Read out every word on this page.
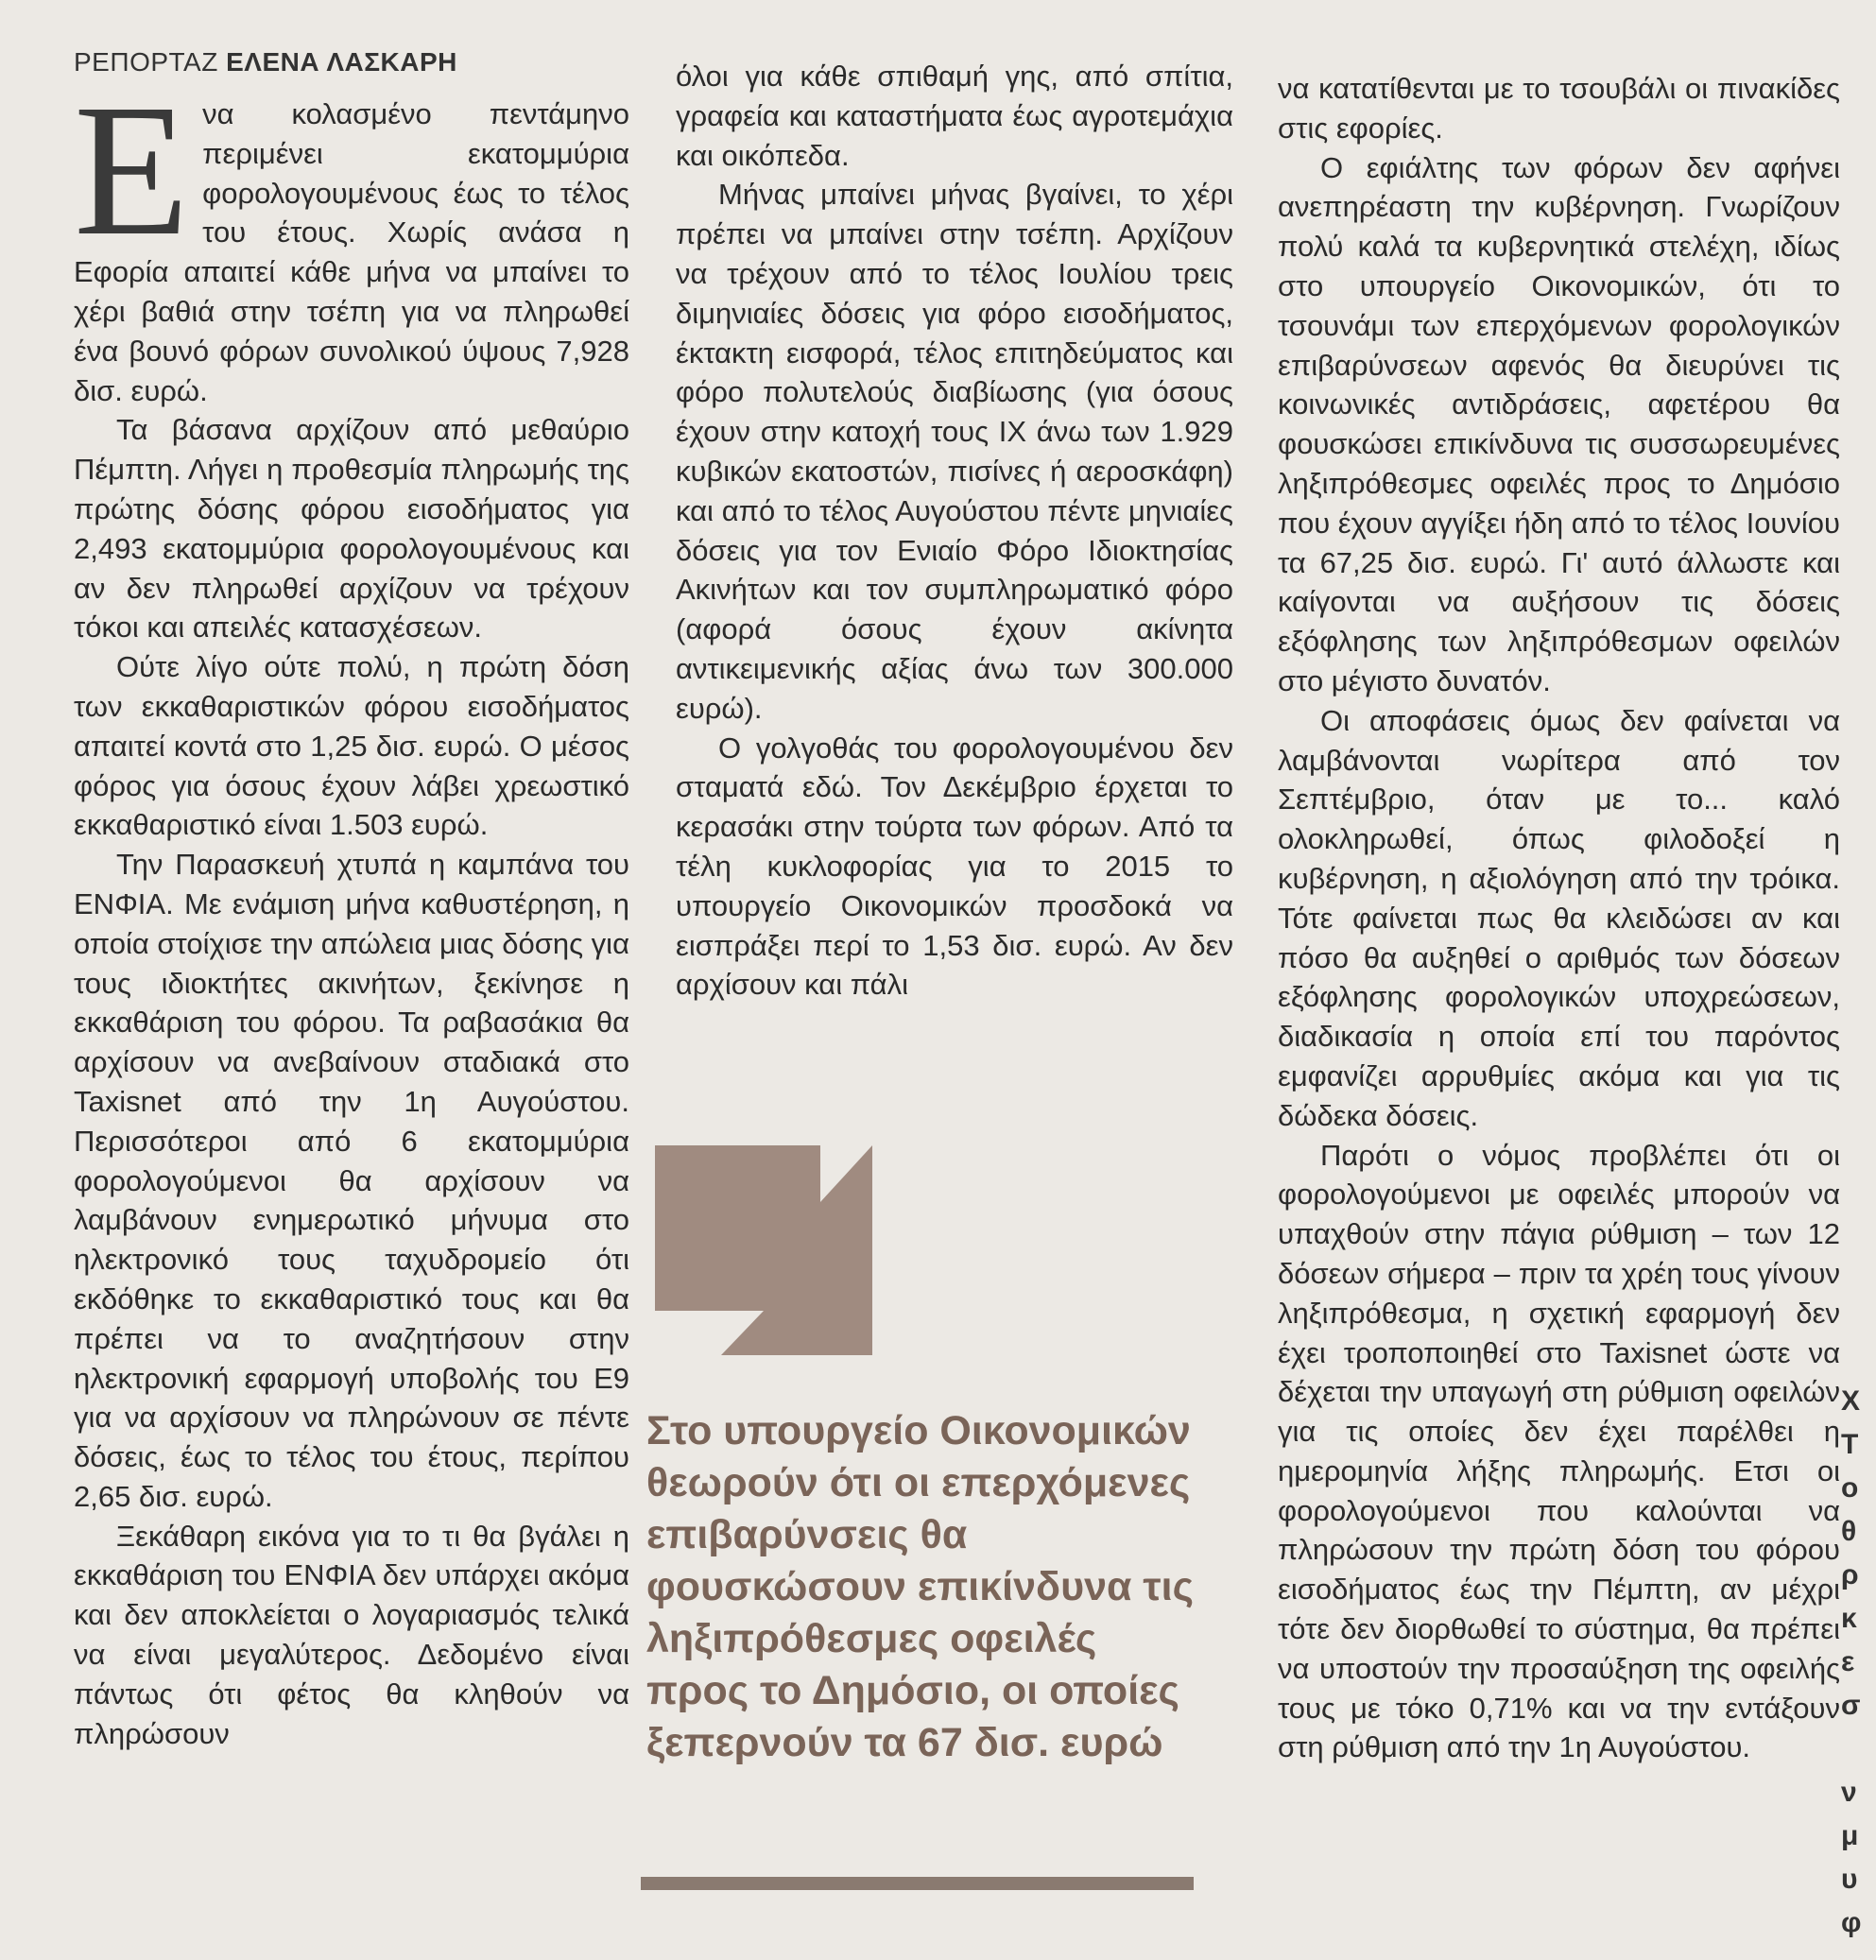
ΡΕΠΟΡΤΑΖ ΕΛΕΝΑ ΛΑΣΚΑΡΗ

Ενα κολασμένο πεντάμηνο περιμένει εκατομμύρια φορολογουμένους έως το τέλος του έτους. Χωρίς ανάσα η Εφορία απαιτεί κάθε μήνα να μπαίνει το χέρι βαθιά στην τσέπη για να πληρωθεί ένα βουνό φόρων συνολικού ύψους 7,928 δισ. ευρώ.

Τα βάσανα αρχίζουν από μεθαύριο Πέμπτη. Λήγει η προθεσμία πληρωμής της πρώτης δόσης φόρου εισοδήματος για 2,493 εκατομμύρια φορολογουμένους και αν δεν πληρωθεί αρχίζουν να τρέχουν τόκοι και απειλές κατασχέσεων.

Ούτε λίγο ούτε πολύ, η πρώτη δόση των εκκαθαριστικών φόρου εισοδήματος απαιτεί κοντά στο 1,25 δισ. ευρώ. Ο μέσος φόρος για όσους έχουν λάβει χρεωστικό εκκαθαριστικό είναι 1.503 ευρώ.

Την Παρασκευή χτυπά η καμπάνα του ΕΝΦΙΑ. Με ενάμιση μήνα καθυστέρηση, η οποία στοίχισε την απώλεια μιας δόσης για τους ιδιοκτήτες ακινήτων, ξεκίνησε η εκκαθάριση του φόρου. Τα ραβασάκια θα αρχίσουν να ανεβαίνουν σταδιακά στο Taxisnet από την 1η Αυγούστου. Περισσότεροι από 6 εκατομμύρια φορολογούμενοι θα αρχίσουν να λαμβάνουν ενημερωτικό μήνυμα στο ηλεκτρονικό τους ταχυδρομείο ότι εκδόθηκε το εκκαθαριστικό τους και θα πρέπει να το αναζητήσουν στην ηλεκτρονική εφαρμογή υποβολής του Ε9 για να αρχίσουν να πληρώνουν σε πέντε δόσεις, έως το τέλος του έτους, περίπου 2,65 δισ. ευρώ.

Ξεκάθαρη εικόνα για το τι θα βγάλει η εκκαθάριση του ΕΝΦΙΑ δεν υπάρχει ακόμα και δεν αποκλείεται ο λογαριασμός τελικά να είναι μεγαλύτερος. Δεδομένο είναι πάντως ότι φέτος θα κληθούν να πληρώσουν

όλοι για κάθε σπιθαμή γης, από σπίτια, γραφεία και καταστήματα έως αγροτεμάχια και οικόπεδα.

Μήνας μπαίνει μήνας βγαίνει, το χέρι πρέπει να μπαίνει στην τσέπη. Αρχίζουν να τρέχουν από το τέλος Ιουλίου τρεις διμηνιαίες δόσεις για φόρο εισοδήματος, έκτακτη εισφορά, τέλος επιτηδεύματος και φόρο πολυτελούς διαβίωσης (για όσους έχουν στην κατοχή τους ΙΧ άνω των 1.929 κυβικών εκατοστών, πισίνες ή αεροσκάφη) και από το τέλος Αυγούστου πέντε μηνιαίες δόσεις για τον Ενιαίο Φόρο Ιδιοκτησίας Ακινήτων και τον συμπληρωματικό φόρο (αφορά όσους έχουν ακίνητα αντικειμενικής αξίας άνω των 300.000 ευρώ).

Ο γολγοθάς του φορολογουμένου δεν σταματά εδώ. Τον Δεκέμβριο έρχεται το κερασάκι στην τούρτα των φόρων. Από τα τέλη κυκλοφορίας για το 2015 το υπουργείο Οικονομικών προσδοκά να εισπράξει περί το 1,53 δισ. ευρώ. Αν δεν αρχίσουν και πάλι

Στο υπουργείο Οικονομικών θεωρούν ότι οι επερχόμενες επιβαρύνσεις θα φουσκώσουν επικίνδυνα τις ληξιπρόθεσμες οφειλές προς το Δημόσιο, οι οποίες ξεπερνούν τα 67 δισ. ευρώ

να κατατίθενται με το τσουβάλι οι πινακίδες στις εφορίες.

Ο εφιάλτης των φόρων δεν αφήνει ανεπηρέαστη την κυβέρνηση. Γνωρίζουν πολύ καλά τα κυβερνητικά στελέχη, ιδίως στο υπουργείο Οικονομικών, ότι το τσουνάμι των επερχόμενων φορολογικών επιβαρύνσεων αφενός θα διευρύνει τις κοινωνικές αντιδράσεις, αφετέρου θα φουσκώσει επικίνδυνα τις συσσωρευμένες ληξιπρόθεσμες οφειλές προς το Δημόσιο που έχουν αγγίξει ήδη από το τέλος Ιουνίου τα 67,25 δισ. ευρώ. Γι' αυτό άλλωστε και καίγονται να αυξήσουν τις δόσεις εξόφλησης των ληξιπρόθεσμων οφειλών στο μέγιστο δυνατόν.

Οι αποφάσεις όμως δεν φαίνεται να λαμβάνονται νωρίτερα από τον Σεπτέμβριο, όταν με το... καλό ολοκληρωθεί, όπως φιλοδοξεί η κυβέρνηση, η αξιολόγηση από την τρόικα. Τότε φαίνεται πως θα κλειδώσει αν και πόσο θα αυξηθεί ο αριθμός των δόσεων εξόφλησης φορολογικών υποχρεώσεων, διαδικασία η οποία επί του παρόντος εμφανίζει αρρυθμίες ακόμα και για τις δώδεκα δόσεις.

Παρότι ο νόμος προβλέπει ότι οι φορολογούμενοι με οφειλές μπορούν να υπαχθούν στην πάγια ρύθμιση – των 12 δόσεων σήμερα – πριν τα χρέη τους γίνουν ληξιπρόθεσμα, η σχετική εφαρμογή δεν έχει τροποποιηθεί στο Taxisnet ώστε να δέχεται την υπαγωγή στη ρύθμιση οφειλών για τις οποίες δεν έχει παρέλθει η ημερομηνία λήξης πληρωμής. Ετσι οι φορολογούμενοι που καλούνται να πληρώσουν την πρώτη δόση του φόρου εισοδήματος έως την Πέμπτη, αν μέχρι τότε δεν διορθωθεί το σύστημα, θα πρέπει να υποστούν την προσαύξηση της οφειλής τους με τόκο 0,71% και να την εντάξουν στη ρύθμιση από την 1η Αυγούστου.

Χ
Τ
ο
θ
ρ
κ
ε
σ

ν
μ
υ
φ
